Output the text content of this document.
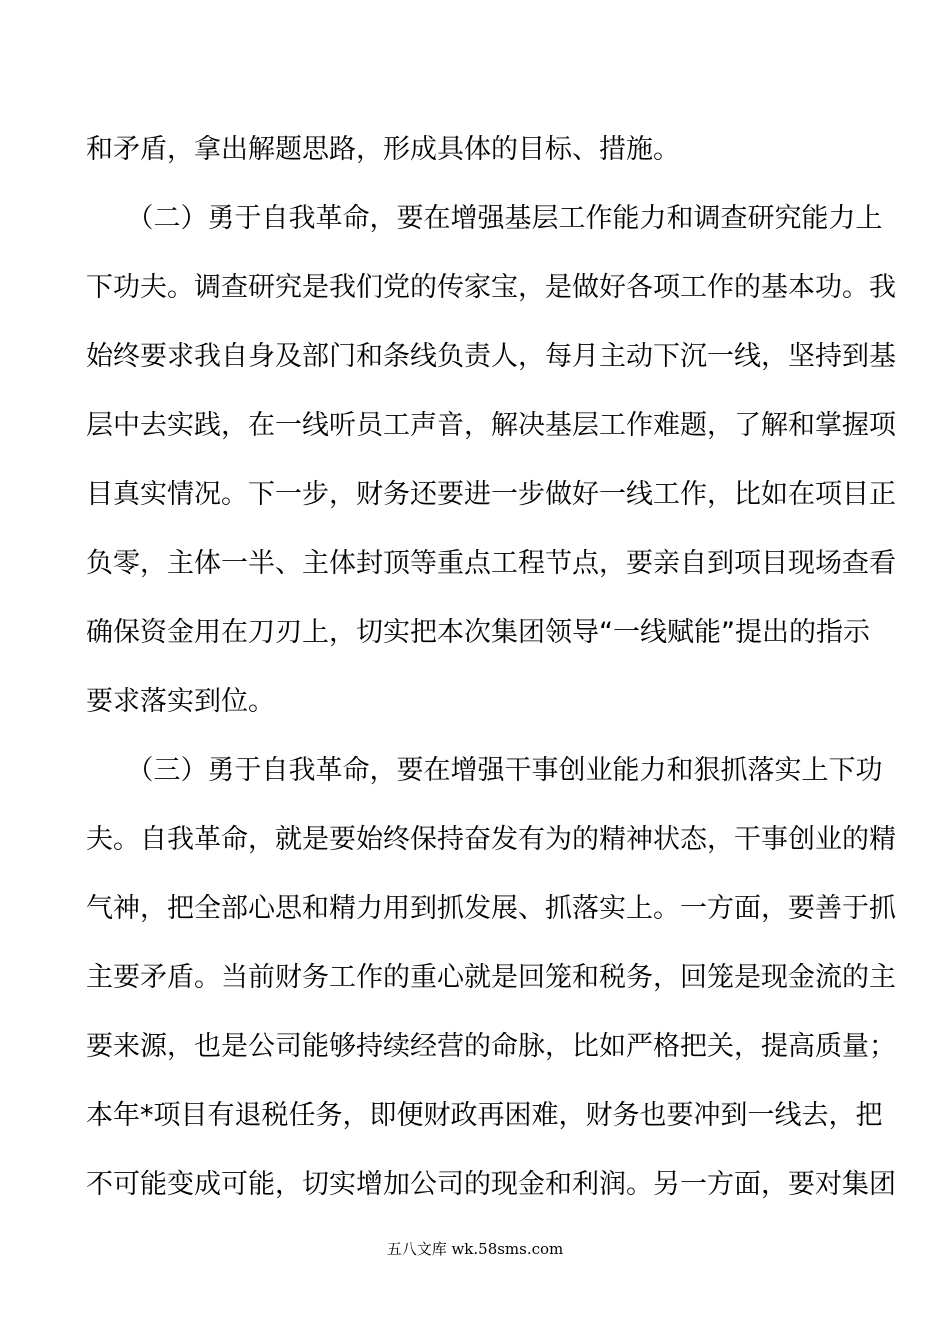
和矛盾，拿出解题思路，形成具体的目标、措施。
　　（二）勇于自我革命，要在增强基层工作能力和调查研究能力上
下功夫。调查研究是我们党的传家宝，是做好各项工作的基本功。我
始终要求我自身及部门和条线负责人，每月主动下沉一线，坚持到基
层中去实践，在一线听员工声音，解决基层工作难题，了解和掌握项
目真实情况。下一步，财务还要进一步做好一线工作，比如在项目正
负零，主体一半、主体封顶等重点工程节点，要亲自到项目现场查看
确保资金用在刀刃上，切实把本次集团领导“一线赋能”提出的指示
要求落实到位。
　　（三）勇于自我革命，要在增强干事创业能力和狠抓落实上下功
夫。自我革命，就是要始终保持奋发有为的精神状态，干事创业的精
气神，把全部心思和精力用到抓发展、抓落实上。一方面，要善于抓
主要矛盾。当前财务工作的重心就是回笼和税务，回笼是现金流的主
要来源，也是公司能够持续经营的命脉，比如严格把关，提高质量；
本年*项目有退税任务，即便财政再困难，财务也要冲到一线去，把
不可能变成可能，切实增加公司的现金和利润。另一方面，要对集团
五八文库 wk.58sms.com
